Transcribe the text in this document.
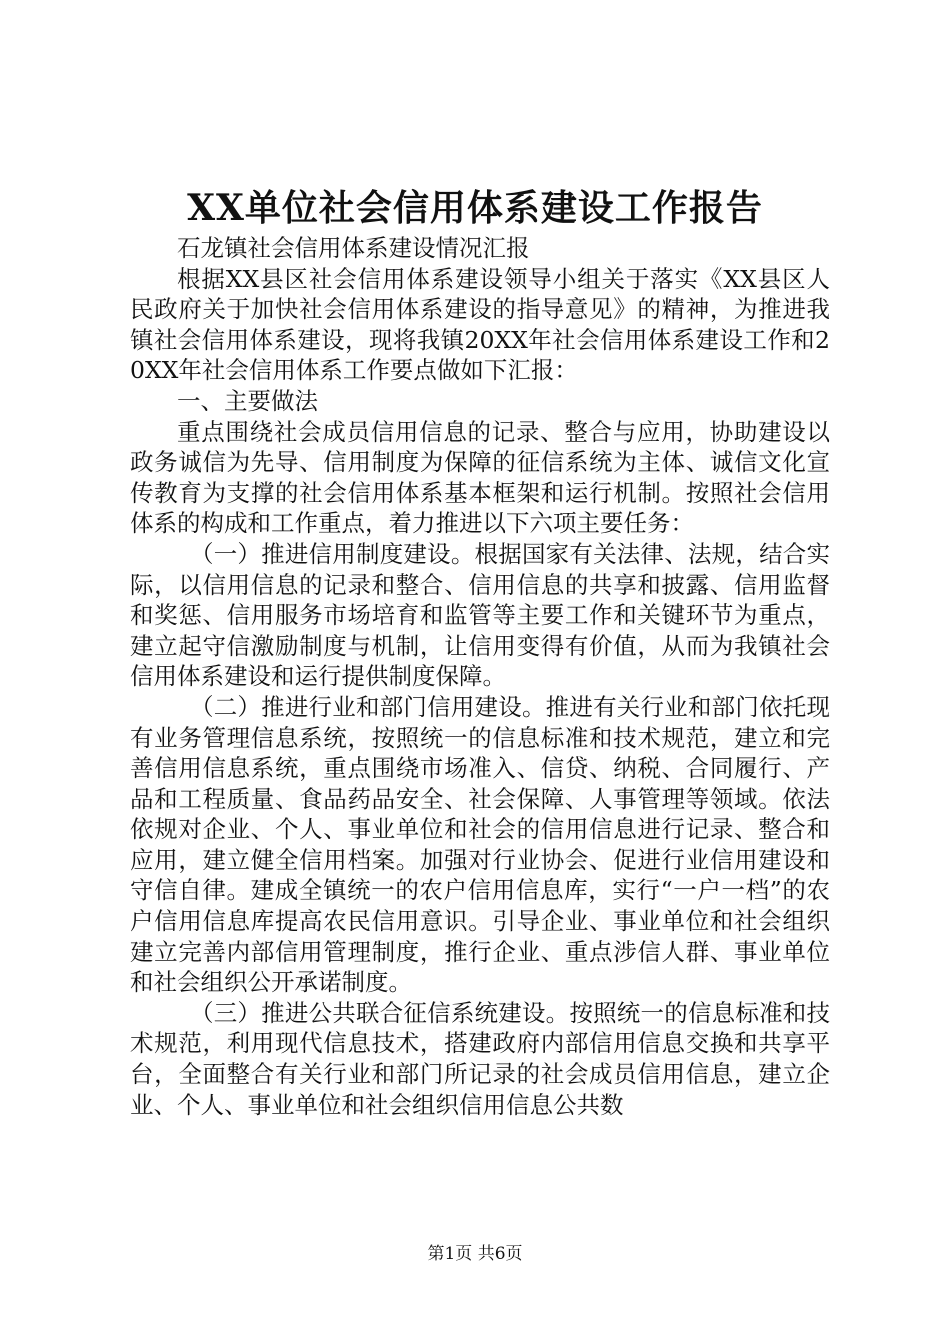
XX单位社会信用体系建设工作报告

石龙镇社会信用体系建设情况汇报

根据XX县区社会信用体系建设领导小组关于落实《XX县区人民政府关于加快社会信用体系建设的指导意见》的精神，为推进我镇社会信用体系建设，现将我镇20XX年社会信用体系建设工作和20XX年社会信用体系工作要点做如下汇报：

一、主要做法

重点围绕社会成员信用信息的记录、整合与应用，协助建设以政务诚信为先导、信用制度为保障的征信系统为主体、诚信文化宣传教育为支撑的社会信用体系基本框架和运行机制。按照社会信用体系的构成和工作重点，着力推进以下六项主要任务：

（一）推进信用制度建设。根据国家有关法律、法规，结合实际，以信用信息的记录和整合、信用信息的共享和披露、信用监督和奖惩、信用服务市场培育和监管等主要工作和关键环节为重点，建立起守信激励制度与机制，让信用变得有价值，从而为我镇社会信用体系建设和运行提供制度保障。

（二）推进行业和部门信用建设。推进有关行业和部门依托现有业务管理信息系统，按照统一的信息标准和技术规范，建立和完善信用信息系统，重点围绕市场准入、信贷、纳税、合同履行、产品和工程质量、食品药品安全、社会保障、人事管理等领域。依法依规对企业、个人、事业单位和社会的信用信息进行记录、整合和应用，建立健全信用档案。加强对行业协会、促进行业信用建设和守信自律。建成全镇统一的农户信用信息库，实行“一户一档”的农户信用信息库提高农民信用意识。引导企业、事业单位和社会组织建立完善内部信用管理制度，推行企业、重点涉信人群、事业单位和社会组织公开承诺制度。

（三）推进公共联合征信系统建设。按照统一的信息标准和技术规范，利用现代信息技术，搭建政府内部信用信息交换和共享平台，全面整合有关行业和部门所记录的社会成员信用信息，建立企业、个人、事业单位和社会组织信用信息公共数

第1页 共6页
